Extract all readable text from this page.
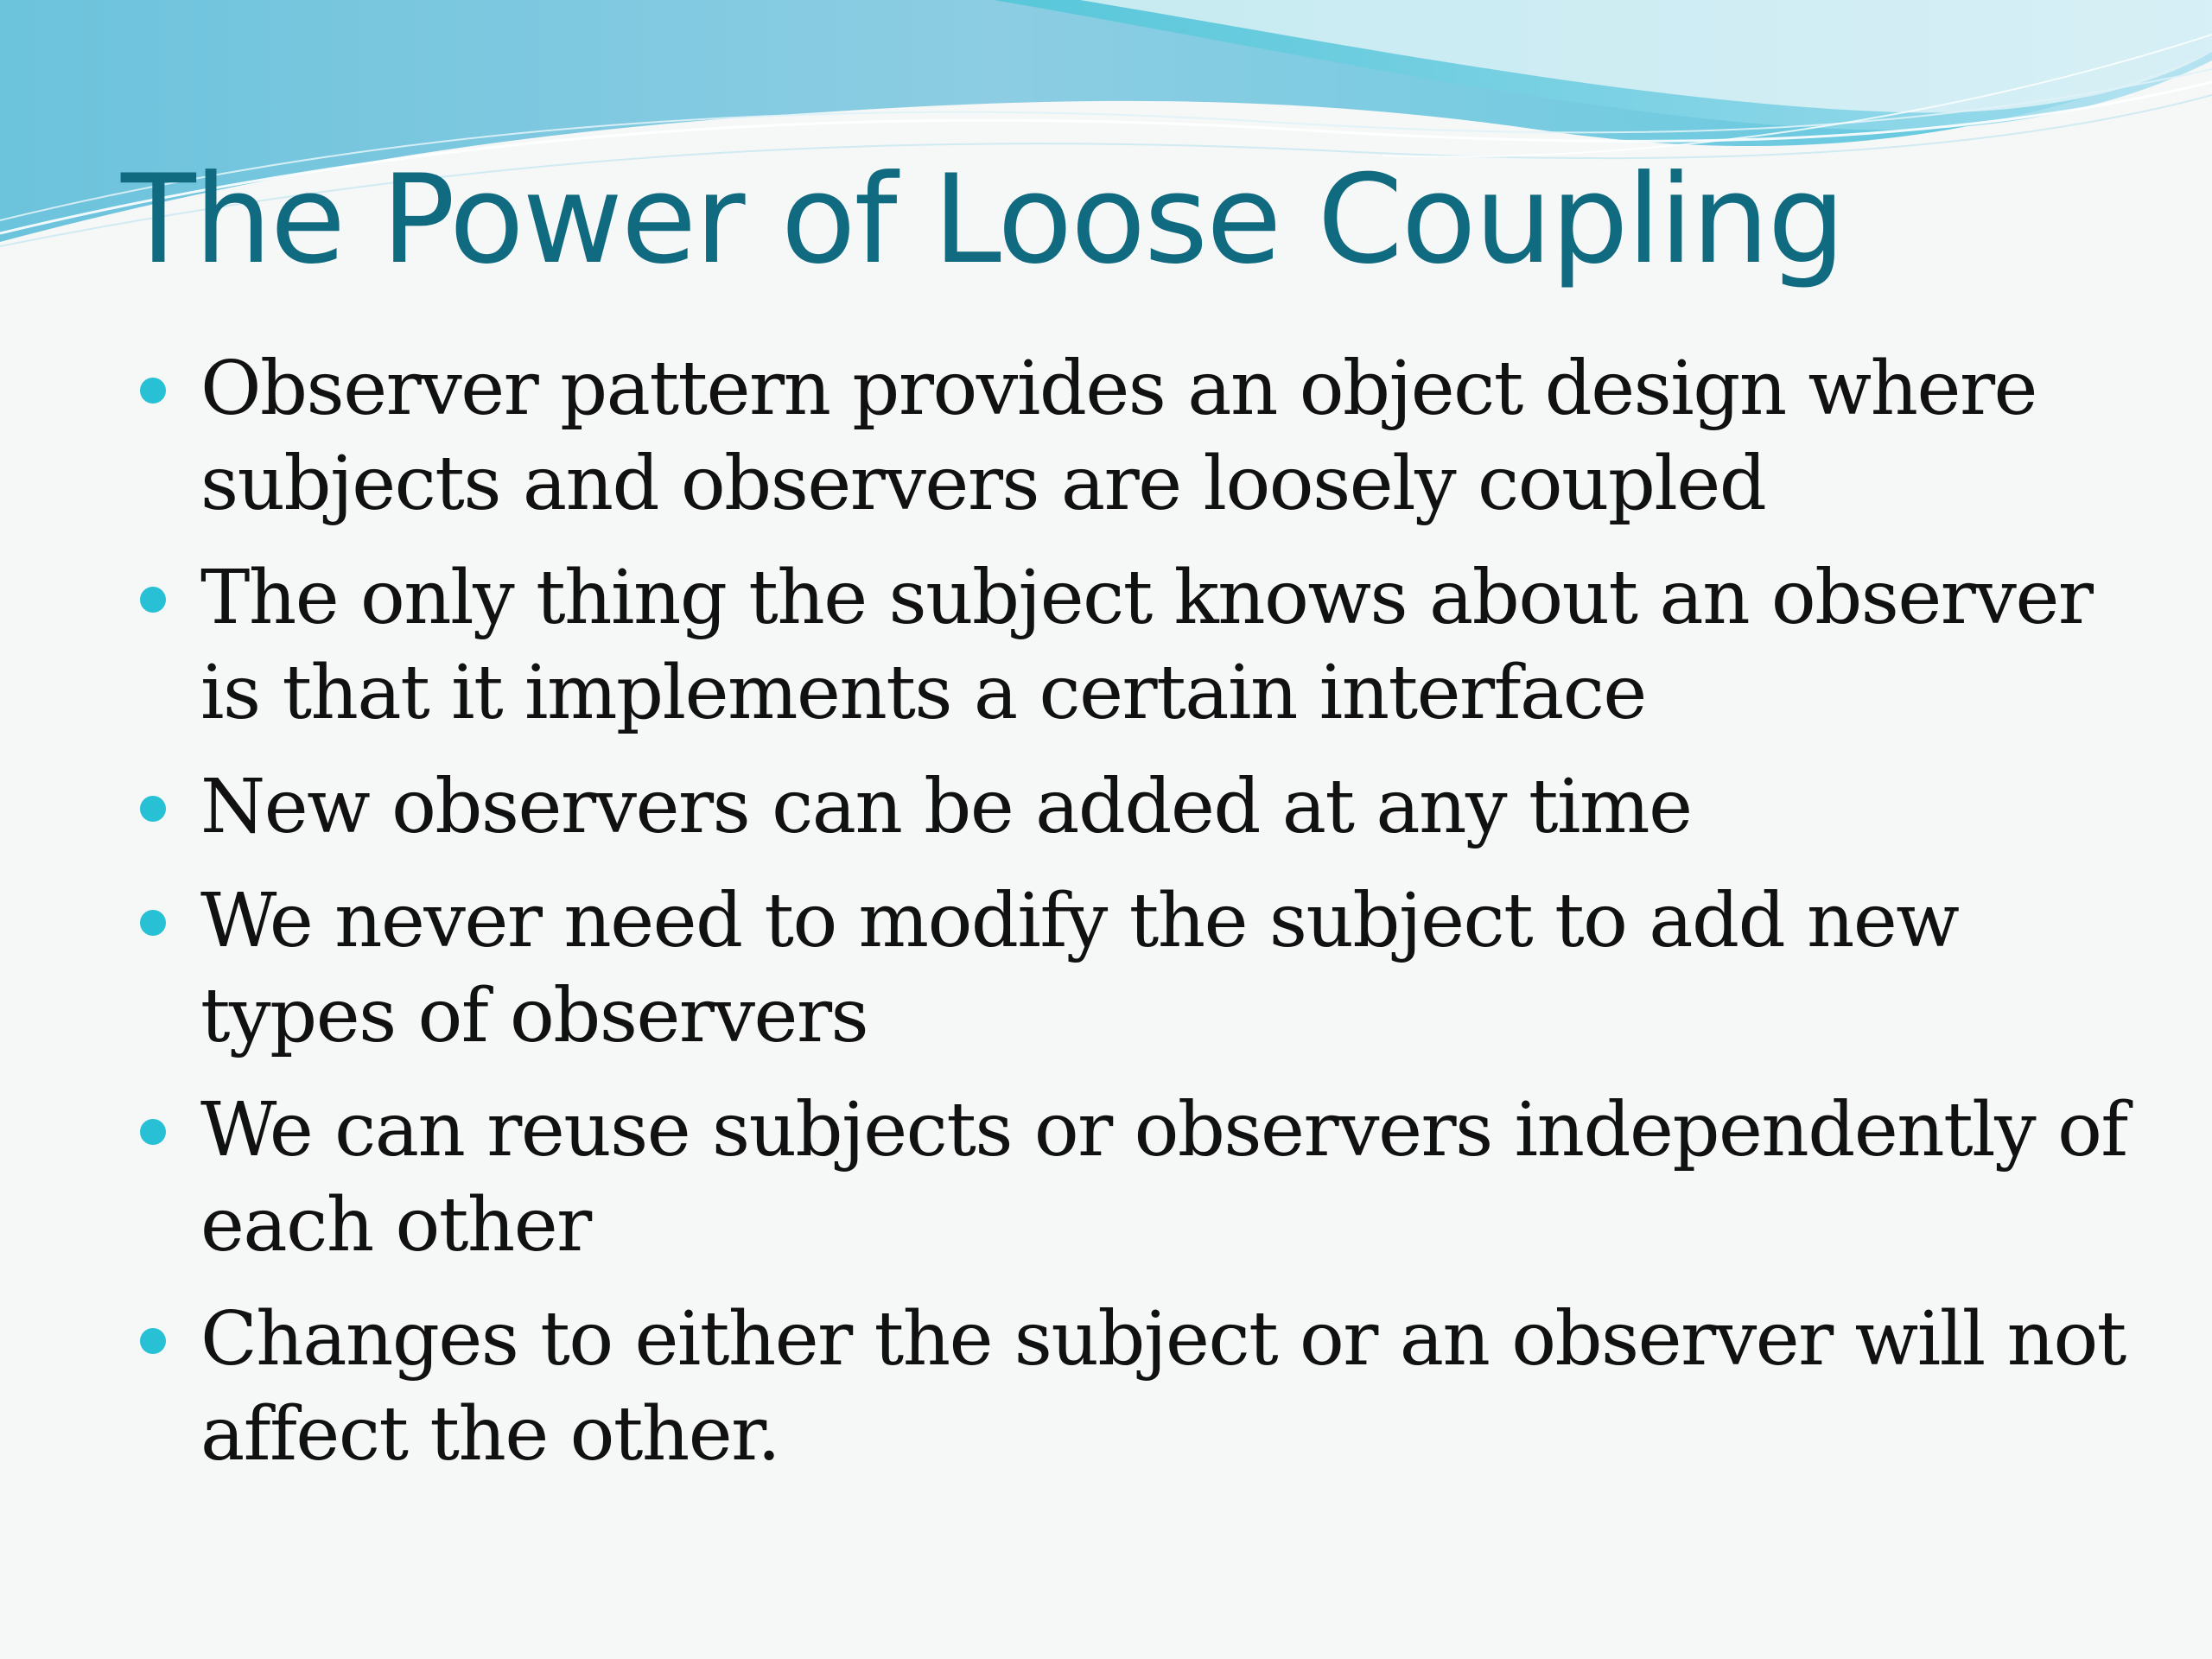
The Power of Loose Coupling
Observer pattern provides an object design where subjects and observers are loosely coupled
The only thing the subject knows about an observer is that it implements a certain interface
New observers can be added at any time
We never need to modify the subject to add new types of observers
We can reuse subjects or observers independently of each other
Changes to either the subject or an observer will not affect the other.
